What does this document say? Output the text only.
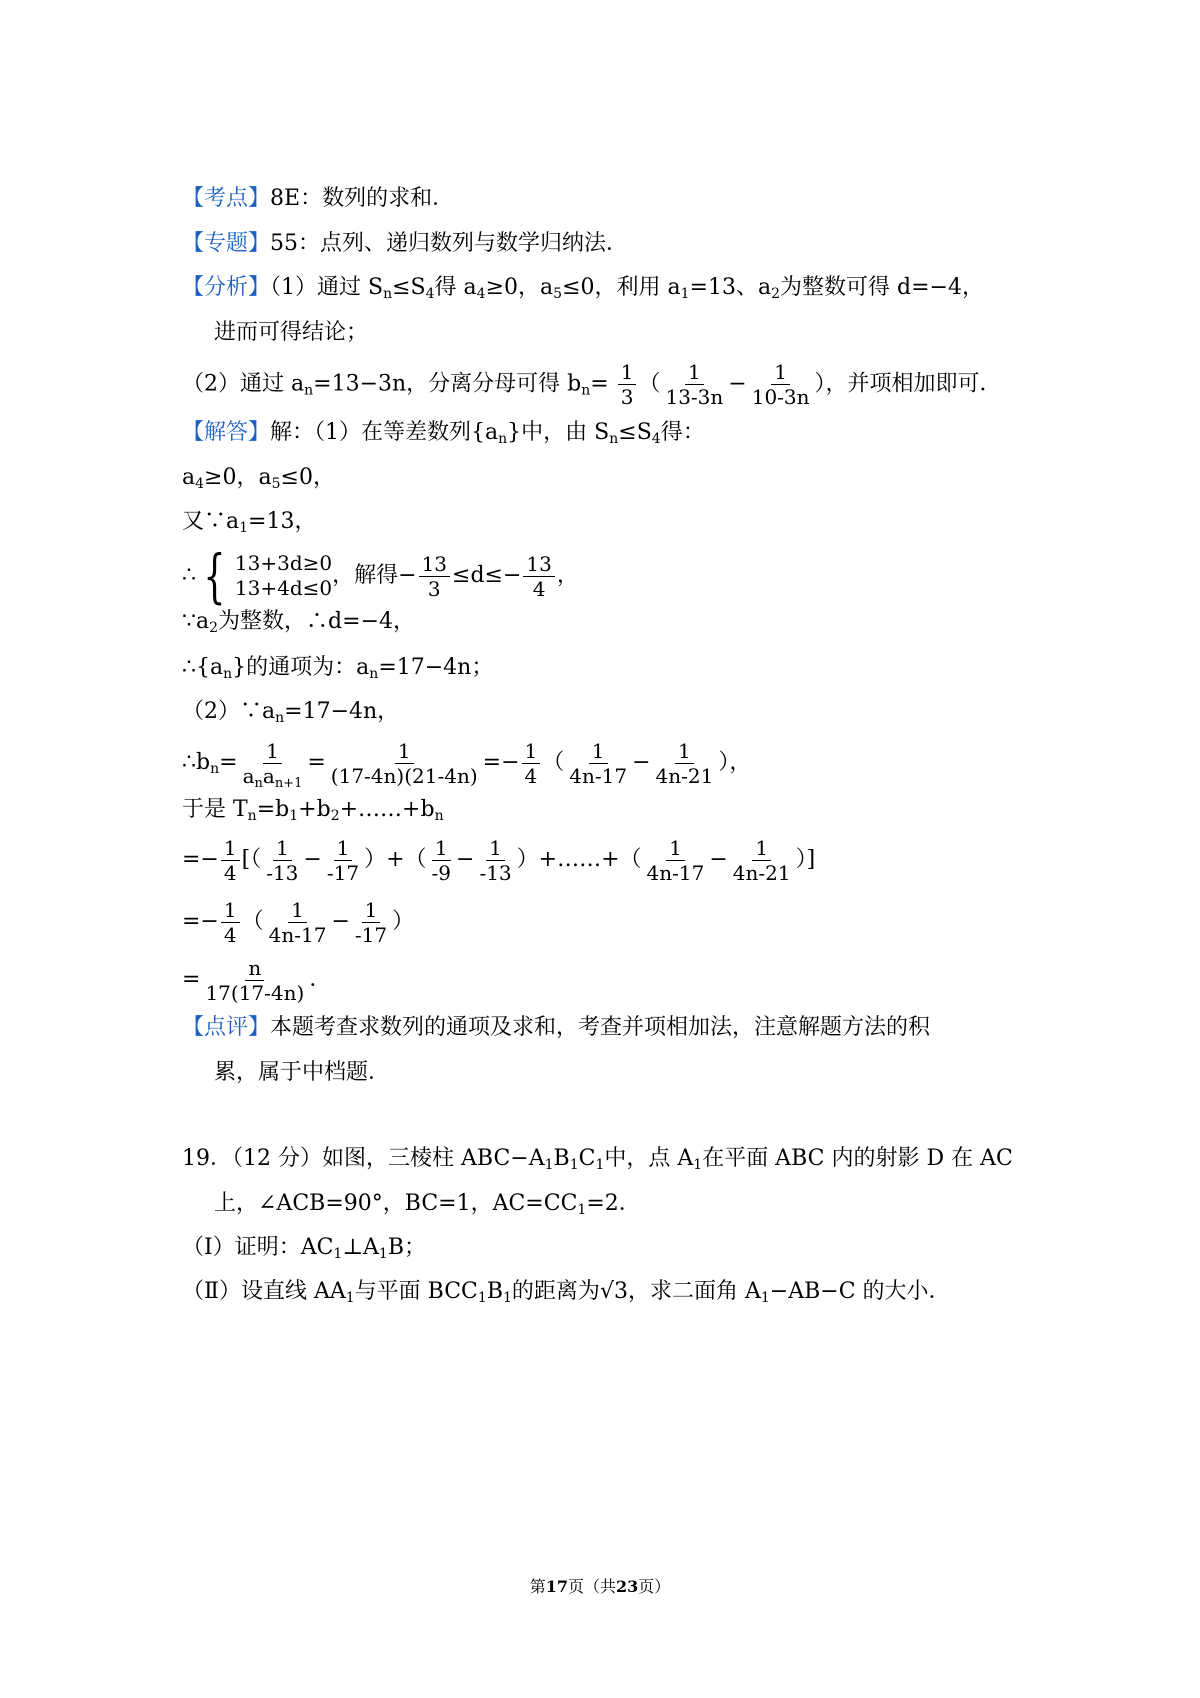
【考点】8E：数列的求和．
【专题】55：点列、递归数列与数学归纳法．
【分析】（1）通过 $S_n\le S_4$得 $a_4\ge 0$，$a_5\le 0$，利用 $a_1=13$、$a_2$为整数可得 d=−4，
进而可得结论；
（2）通过 $a_n=13-3n$，分离分母可得 $b_n= \frac{1}{3}$ （ $\frac{1}{13-3n} - \frac{1}{10-3n}$ ），并项相加即可．
【解答】解：（1）在等差数列$\{a_n\}$中，由 $S_n\le S_4$得：
$a_4\ge 0$，$a_5\le 0$，
又$\because a_1=13$，
∴ { 13+3d≥0
13+4d≤0 ，解得− $\frac{13}{3} \le d\le- \frac{13}{4}$ ，
$\because a_2$为整数，∴d=−4，
$\therefore\{a_n\}$的通项为：$a_n=17-4n$；
$(2)\because a_n=17-4n$，
$\therefore b_n= \frac{1}{a_na_{n+1}} = \frac{1}{(17-4n)(21-4n)} =- \frac{1}{4}$ （ $\frac{1}{4n-17} - \frac{1}{4n-21}$ ），
于是 $T_n=b_1+b_2+\dots\dots+b_n$
=− $\frac{1}{4}$ [（ $\frac{1}{-13} - \frac{1}{-17}$ ）+（ $\frac{1}{-9} - \frac{1}{-13}$ ）+……+（ $\frac{1}{4n-17} - \frac{1}{4n-21}$ ）]
=− $\frac{1}{4}$ （ $\frac{1}{4n-17} - \frac{1}{-17}$ ）
= $\frac{n}{17(17-4n)}$ ．
【点评】本题考查求数列的通项及求和，考查并项相加法，注意解题方法的积
累，属于中档题．
19．（12 分）如图，三棱柱 $ABC-A_1B_1C_1$中，点 $A_1$在平面 ABC 内的射影 D 在 AC
上，∠ACB=90°，BC=1，$AC=CC_1=2$．
（Ⅰ）证明：$AC_1\perp A_1B$；
（Ⅱ）设直线 $AA_1$与平面 $BCC_1B_1$的距离为√3，求二面角 $A_1-AB-C$ 的大小．
第17页（共23页）
